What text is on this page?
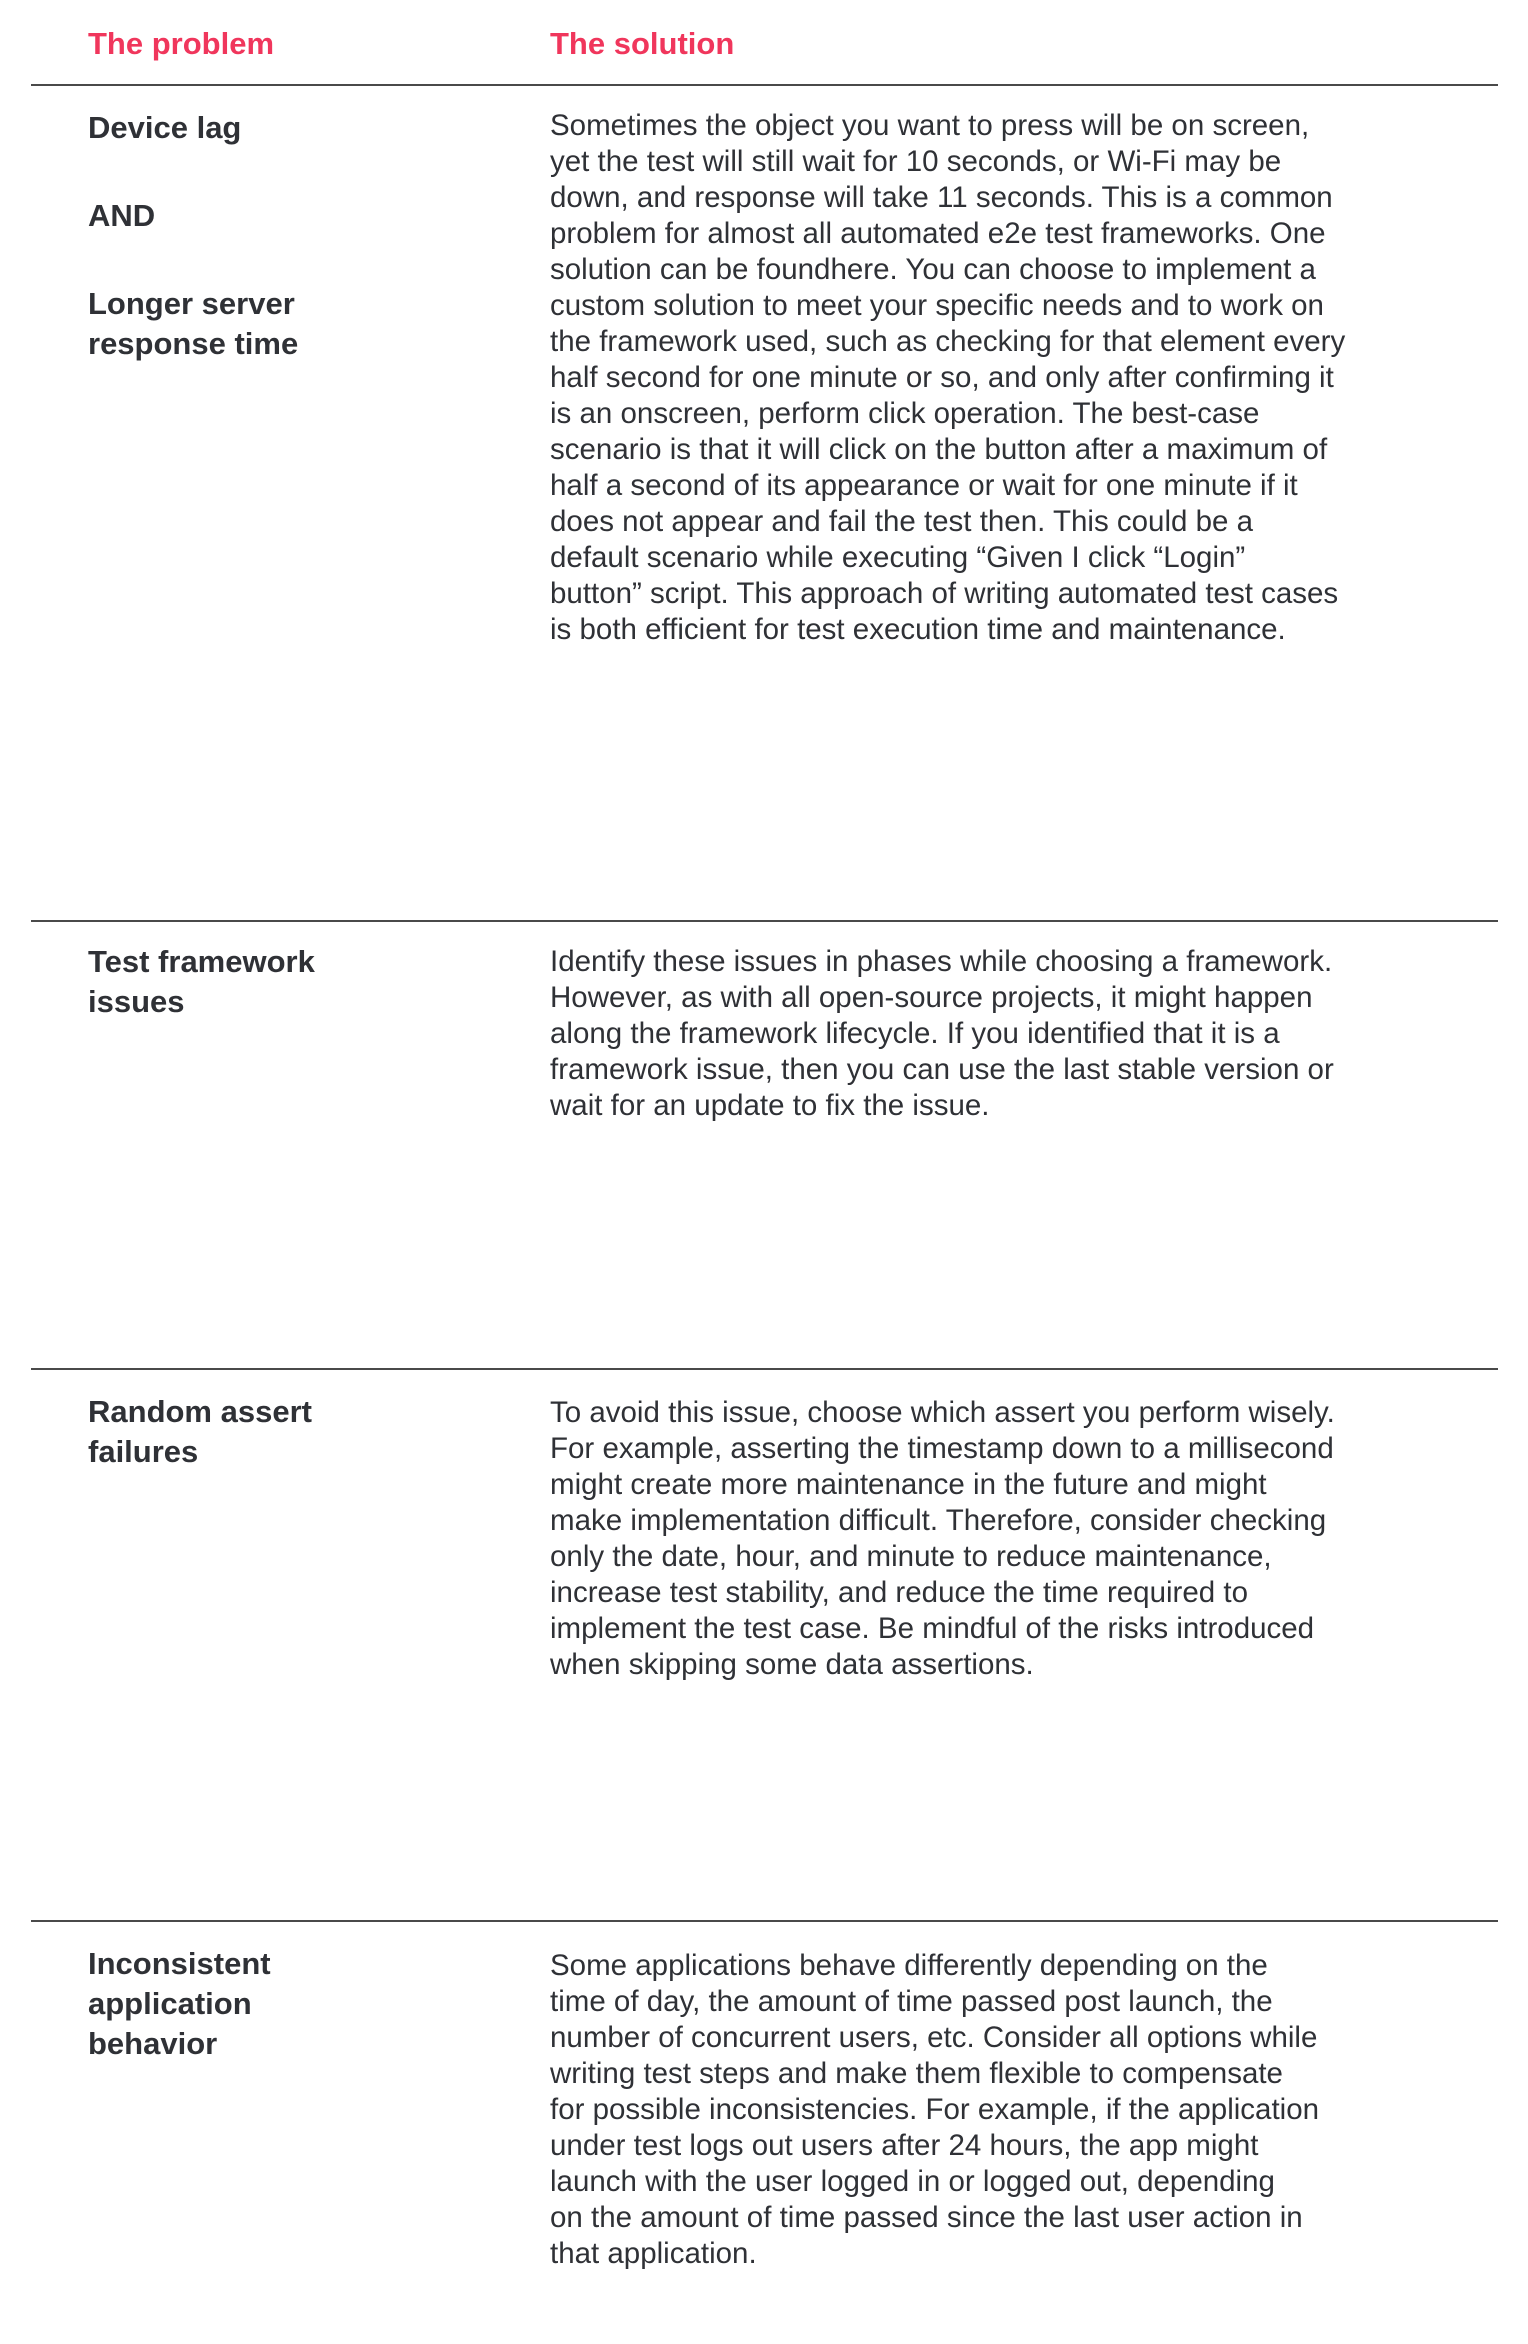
The problem	The solution
Device lag
AND
Longer server
response time
Sometimes the object you want to press will be on screen,
yet the test will still wait for 10 seconds, or Wi-Fi may be
down, and response will take 11 seconds. This is a common
problem for almost all automated e2e test frameworks. One
solution can be foundhere. You can choose to implement a
custom solution to meet your specific needs and to work on
the framework used, such as checking for that element every
half second for one minute or so, and only after confirming it
is an onscreen, perform click operation. The best-case
scenario is that it will click on the button after a maximum of
half a second of its appearance or wait for one minute if it
does not appear and fail the test then. This could be a
default scenario while executing “Given I click “Login”
button” script. This approach of writing automated test cases
is both efficient for test execution time and maintenance.
Test framework
issues
Identify these issues in phases while choosing a framework.
However, as with all open-source projects, it might happen
along the framework lifecycle. If you identified that it is a
framework issue, then you can use the last stable version or
wait for an update to fix the issue.
Random assert
failures
To avoid this issue, choose which assert you perform wisely.
For example, asserting the timestamp down to a millisecond
might create more maintenance in the future and might
make implementation difficult. Therefore, consider checking
only the date, hour, and minute to reduce maintenance,
increase test stability, and reduce the time required to
implement the test case. Be mindful of the risks introduced
when skipping some data assertions.
Inconsistent
application
behavior
Some applications behave differently depending on the
time of day, the amount of time passed post launch, the
number of concurrent users, etc. Consider all options while
writing test steps and make them flexible to compensate
for possible inconsistencies. For example, if the application
under test logs out users after 24 hours, the app might
launch with the user logged in or logged out, depending
on the amount of time passed since the last user action in
that application.
